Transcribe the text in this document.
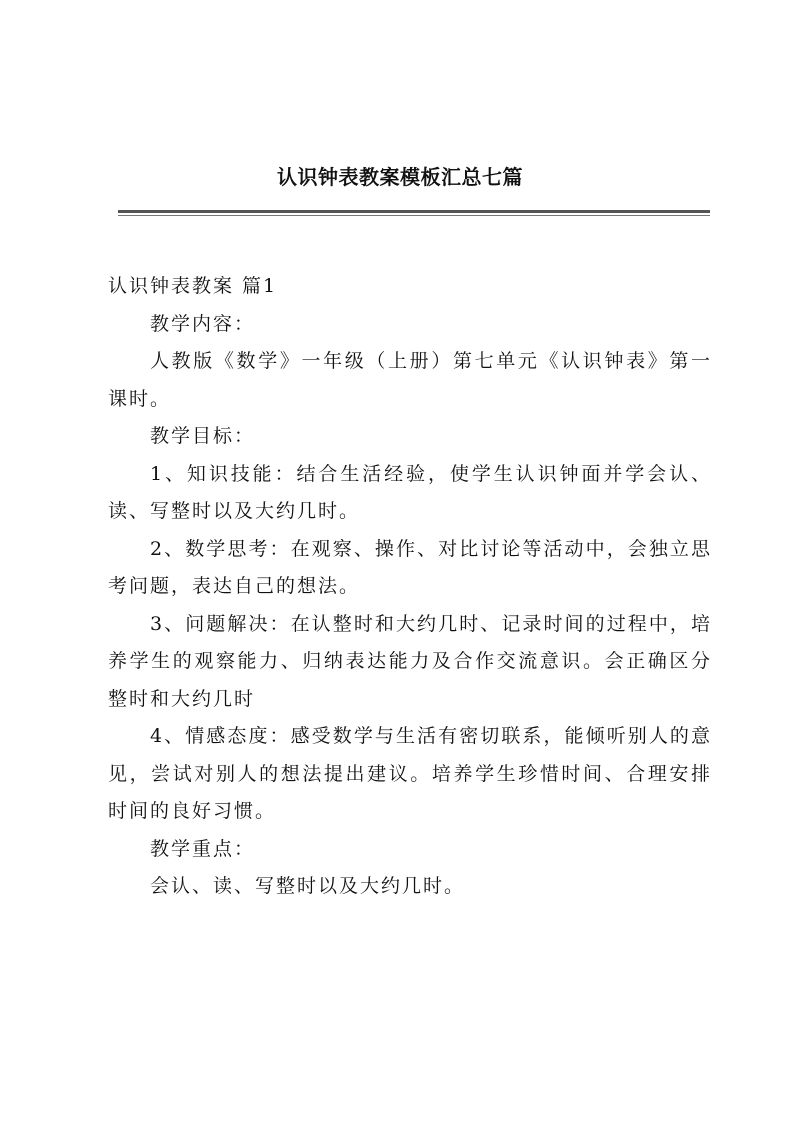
认识钟表教案模板汇总七篇

认识钟表教案 篇1

教学内容：

人教版《数学》一年级（上册）第七单元《认识钟表》第一课时。

教学目标：

1、知识技能：结合生活经验，使学生认识钟面并学会认、读、写整时以及大约几时。

2、数学思考：在观察、操作、对比讨论等活动中，会独立思考问题，表达自己的想法。

3、问题解决：在认整时和大约几时、记录时间的过程中，培养学生的观察能力、归纳表达能力及合作交流意识。会正确区分整时和大约几时

4、情感态度：感受数学与生活有密切联系，能倾听别人的意见，尝试对别人的想法提出建议。培养学生珍惜时间、合理安排时间的良好习惯。

教学重点：

会认、读、写整时以及大约几时。
